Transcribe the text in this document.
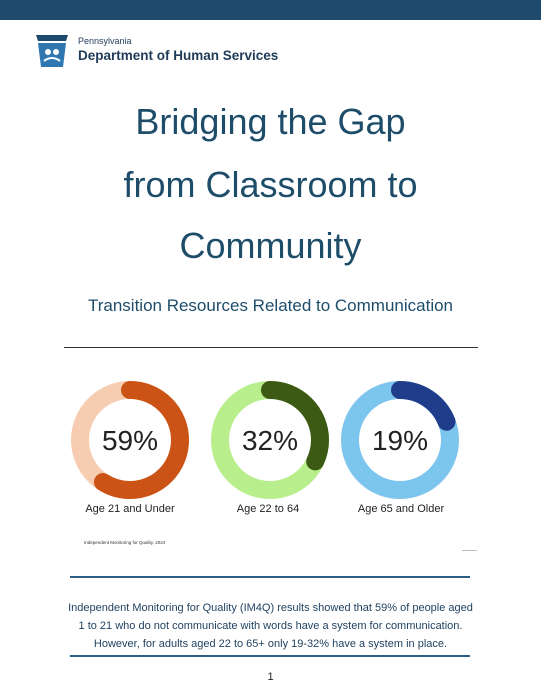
Pennsylvania
Department of Human Services
Bridging the Gap
from Classroom to
Community
Transition Resources Related to Communication
59%	32%	19%
Age 21 and Under	Age 22 to 64	Age 65 and Older
Independent Monitoring for Quality, 2024
Independent Monitoring for Quality (IM4Q) results showed that 59% of people aged
1 to 21 who do not communicate with words have a system for communication.
However, for adults aged 22 to 65+ only 19-32% have a system in place.
1
